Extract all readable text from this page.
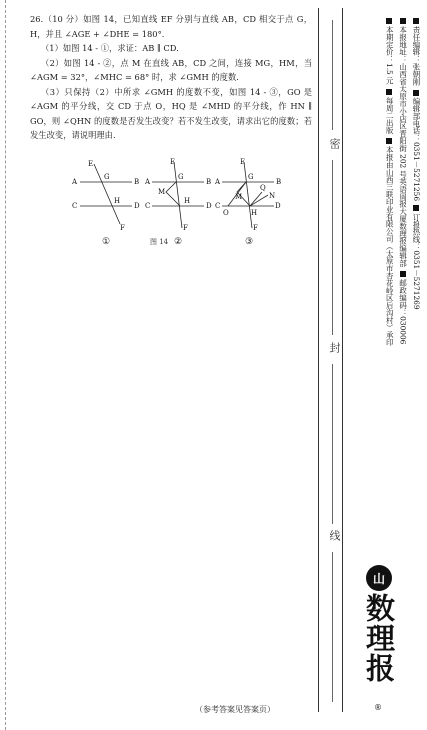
26.（10 分）如图 14，已知直线 EF 分别与直线 AB，CD 相交于点 G，H，并且 ∠AGE + ∠DHE = 180°.

（1）如图 14 - ①，求证：AB ∥ CD.

（2）如图 14 - ②，点 M 在直线 AB，CD 之间，连接 MG，HM，当 ∠AGM = 32°，∠MHC = 68° 时，求 ∠GMH 的度数.

（3）只保持（2）中所求 ∠GMH 的度数不变，如图 14 - ③，GO 是 ∠AGM 的平分线，交 CD 于点 O，HQ 是 ∠MHD 的平分线，作 HN ∥ GO，则 ∠QHN 的度数是否发生改变？若不发生改变，请求出它的度数；若发生改变，请说明理由.

A	B
C	D
E
F
G
H
①
A	B
C	D
E
F
G
H
M
②
A	B
C	D
E
F
G
H
M	N
O
Q
③
图 14
密
封
线
责任编辑：张朝刚 编辑部电话：0351－5271256 订报热线：0351－5271269
本报地址：山西省太原市小店区晋阳街 202 号英语周报大厦数理报编辑部 邮政编码：030006
本期定价：1.5 元 每周二出版 本报由山西三联印业有限公司（太原市杏花岭区后沟村）承印
山
数理报
®
（参考答案见答案页）
